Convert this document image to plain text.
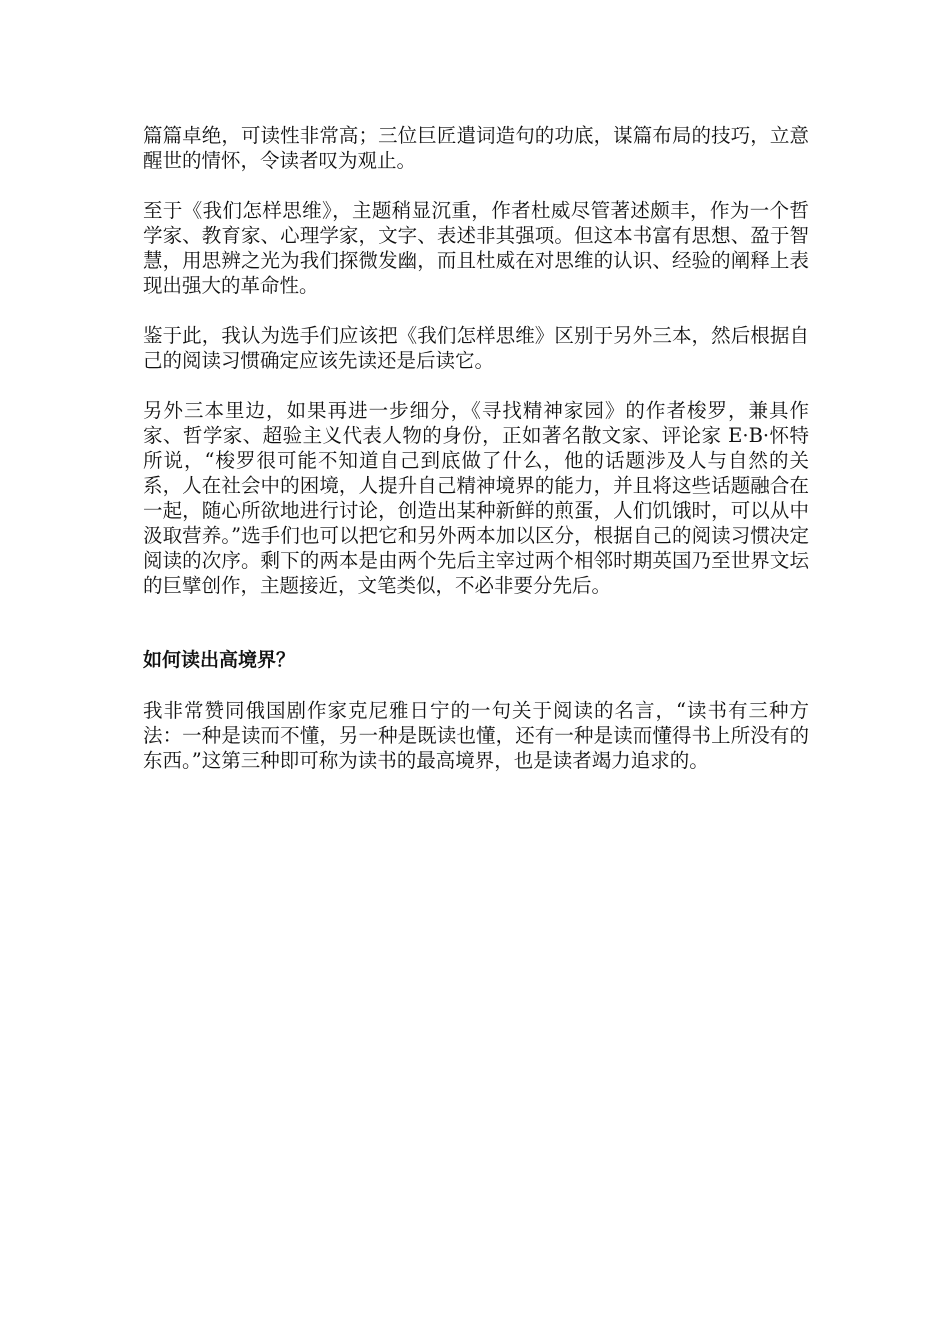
篇篇卓绝，可读性非常高；三位巨匠遣词造句的功底，谋篇布局的技巧，立意醒世的情怀，令读者叹为观止。

至于《我们怎样思维》，主题稍显沉重，作者杜威尽管著述颇丰，作为一个哲学家、教育家、心理学家，文字、表述非其强项。但这本书富有思想、盈于智慧，用思辨之光为我们探微发幽，而且杜威在对思维的认识、经验的阐释上表现出强大的革命性。

鉴于此，我认为选手们应该把《我们怎样思维》区别于另外三本，然后根据自己的阅读习惯确定应该先读还是后读它。

另外三本里边，如果再进一步细分，《寻找精神家园》的作者梭罗，兼具作家、哲学家、超验主义代表人物的身份，正如著名散文家、评论家 E·B·怀特所说，“梭罗很可能不知道自己到底做了什么，他的话题涉及人与自然的关系，人在社会中的困境，人提升自己精神境界的能力，并且将这些话题融合在一起，随心所欲地进行讨论，创造出某种新鲜的煎蛋，人们饥饿时，可以从中汲取营养。”选手们也可以把它和另外两本加以区分，根据自己的阅读习惯决定阅读的次序。剩下的两本是由两个先后主宰过两个相邻时期英国乃至世界文坛的巨擘创作，主题接近，文笔类似，不必非要分先后。

如何读出高境界？

我非常赞同俄国剧作家克尼雅日宁的一句关于阅读的名言，“读书有三种方法：一种是读而不懂，另一种是既读也懂，还有一种是读而懂得书上所没有的东西。”这第三种即可称为读书的最高境界，也是读者竭力追求的。
